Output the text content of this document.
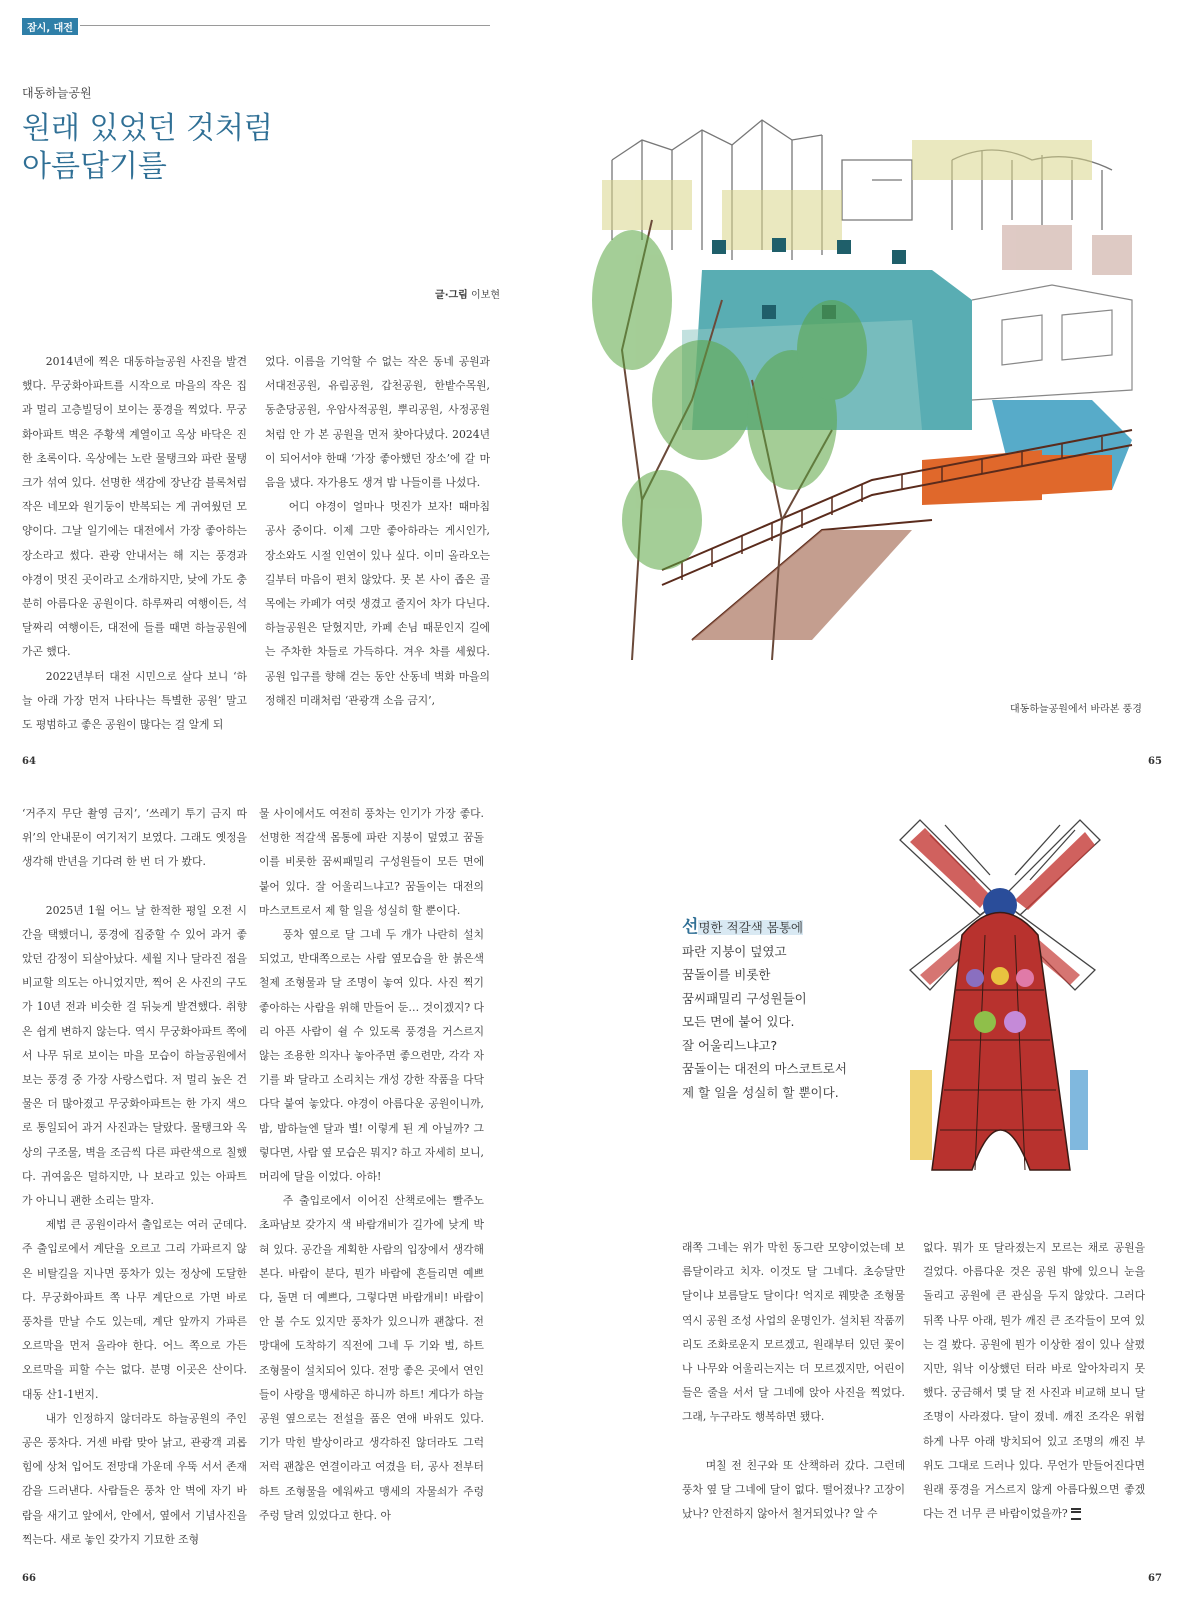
잠시, 대전
대동하늘공원
원래 있었던 것처럼
아름답기를
글·그림 이보현

2014년에 찍은 대동하늘공원 사진을 발견했다. 무궁화아파트를 시작으로 마을의 작은 집과 멀리 고층빌딩이 보이는 풍경을 찍었다. 무궁화아파트 벽은 주황색 계열이고 옥상 바닥은 진한 초록이다. 옥상에는 노란 물탱크와 파란 물탱크가 섞여 있다. 선명한 색감에 장난감 블록처럼 작은 네모와 원기둥이 반복되는 게 귀여웠던 모양이다. 그날 일기에는 대전에서 가장 좋아하는 장소라고 썼다. 관광 안내서는 해 지는 풍경과 야경이 멋진 곳이라고 소개하지만, 낮에 가도 충분히 아름다운 공원이다. 하루짜리 여행이든, 석 달짜리 여행이든, 대전에 들를 때면 하늘공원에 가곤 했다.

2022년부터 대전 시민으로 살다 보니 ‘하늘 아래 가장 먼저 나타나는 특별한 공원’ 말고도 평범하고 좋은 공원이 많다는 걸 알게 되

었다. 이름을 기억할 수 없는 작은 동네 공원과 서대전공원, 유림공원, 갑천공원, 한밭수목원, 동춘당공원, 우암사적공원, 뿌리공원, 사정공원처럼 안 가 본 공원을 먼저 찾아다녔다. 2024년이 되어서야 한때 ‘가장 좋아했던 장소’에 갈 마음을 냈다. 자가용도 생겨 밤 나들이를 나섰다.

어디 야경이 얼마나 멋진가 보자! 때마침 공사 중이다. 이제 그만 좋아하라는 게시인가, 장소와도 시절 인연이 있나 싶다. 이미 올라오는 길부터 마음이 편치 않았다. 못 본 사이 좁은 골목에는 카페가 여럿 생겼고 줄지어 차가 다닌다. 하늘공원은 닫혔지만, 카페 손님 때문인지 길에는 주차한 차들로 가득하다. 겨우 차를 세웠다. 공원 입구를 향해 걷는 동안 산동네 벽화 마을의 정해진 미래처럼 ‘관광객 소음 금지’,

64
대동하늘공원에서 바라본 풍경
65

‘거주지 무단 촬영 금지’, ‘쓰레기 투기 금지 따위’의 안내문이 여기저기 보였다. 그래도 옛정을 생각해 반년을 기다려 한 번 더 가 봤다.

2025년 1월 어느 날 한적한 평일 오전 시간을 택했더니, 풍경에 집중할 수 있어 과거 좋았던 감정이 되살아났다. 세월 지나 달라진 점을 비교할 의도는 아니었지만, 찍어 온 사진의 구도가 10년 전과 비슷한 걸 뒤늦게 발견했다. 취향은 쉽게 변하지 않는다. 역시 무궁화아파트 쪽에서 나무 뒤로 보이는 마을 모습이 하늘공원에서 보는 풍경 중 가장 사랑스럽다. 저 멀리 높은 건물은 더 많아졌고 무궁화아파트는 한 가지 색으로 통일되어 과거 사진과는 달랐다. 물탱크와 옥상의 구조물, 벽을 조금씩 다른 파란색으로 칠했다. 귀여움은 덜하지만, 나 보라고 있는 아파트가 아니니 괜한 소리는 말자.

제법 큰 공원이라서 출입로는 여러 군데다. 주 출입로에서 계단을 오르고 그리 가파르지 않은 비탈길을 지나면 풍차가 있는 정상에 도달한다. 무궁화아파트 쪽 나무 계단으로 가면 바로 풍차를 만날 수도 있는데, 계단 앞까지 가파른 오르막을 먼저 올라야 한다. 어느 쪽으로 가든 오르막을 피할 수는 없다. 분명 이곳은 산이다. 대동 산1-1번지.

내가 인정하지 않더라도 하늘공원의 주인공은 풍차다. 거센 바람 맞아 낡고, 관광객 괴롭힘에 상처 입어도 전망대 가운데 우뚝 서서 존재감을 드러낸다. 사람들은 풍차 안 벽에 자기 바람을 새기고 앞에서, 안에서, 옆에서 기념사진을 찍는다. 새로 놓인 갖가지 기묘한 조형

물 사이에서도 여전히 풍차는 인기가 가장 좋다. 선명한 적갈색 몸통에 파란 지붕이 덮였고 꿈돌이를 비롯한 꿈씨패밀리 구성원들이 모든 면에 붙어 있다. 잘 어울리느냐고? 꿈돌이는 대전의 마스코트로서 제 할 일을 성실히 할 뿐이다.

풍차 옆으로 달 그네 두 개가 나란히 설치되었고, 반대쪽으로는 사람 옆모습을 한 붉은색 철제 조형물과 달 조명이 놓여 있다. 사진 찍기 좋아하는 사람을 위해 만들어 둔… 것이겠지? 다리 아픈 사람이 쉴 수 있도록 풍경을 거스르지 않는 조용한 의자나 놓아주면 좋으련만, 각각 자기를 봐 달라고 소리치는 개성 강한 작품을 다닥다닥 붙여 놓았다. 야경이 아름다운 공원이니까, 밤, 밤하늘엔 달과 별! 이렇게 된 게 아닐까? 그렇다면, 사람 옆 모습은 뭐지? 하고 자세히 보니, 머리에 달을 이었다. 아하!

주 출입로에서 이어진 산책로에는 빨주노초파남보 갖가지 색 바람개비가 길가에 낮게 박혀 있다. 공간을 계획한 사람의 입장에서 생각해 본다. 바람이 분다, 뭔가 바람에 흔들리면 예쁘다, 돌면 더 예쁘다, 그렇다면 바람개비! 바람이 안 불 수도 있지만 풍차가 있으니까 괜찮다. 전망대에 도착하기 직전에 그네 두 기와 벌, 하트 조형물이 설치되어 있다. 전망 좋은 곳에서 연인들이 사랑을 맹세하곤 하니까 하트! 게다가 하늘공원 옆으로는 전설을 품은 연애 바위도 있다. 기가 막힌 발상이라고 생각하진 않더라도 그럭저럭 괜찮은 연결이라고 여겼을 터, 공사 전부터 하트 조형물을 에워싸고 맹세의 자물쇠가 주렁주렁 달려 있었다고 한다. 아

66
선명한 적갈색 몸통에
파란 지붕이 덮였고
꿈돌이를 비롯한
꿈씨패밀리 구성원들이
모든 면에 붙어 있다.
잘 어울리느냐고?
꿈돌이는 대전의 마스코트로서
제 할 일을 성실히 할 뿐이다.

래쪽 그네는 위가 막힌 동그란 모양이었는데 보름달이라고 치자. 이것도 달 그네다. 초승달만 달이냐 보름달도 달이다! 억지로 꿰맞춘 조형물 역시 공원 조성 사업의 운명인가. 설치된 작품끼리도 조화로운지 모르겠고, 원래부터 있던 꽃이나 나무와 어울리는지는 더 모르겠지만, 어린이들은 줄을 서서 달 그네에 앉아 사진을 찍었다. 그래, 누구라도 행복하면 됐다.

며칠 전 친구와 또 산책하러 갔다. 그런데 풍차 옆 달 그네에 달이 없다. 떨어졌나? 고장이 났나? 안전하지 않아서 철거되었나? 알 수

없다. 뭐가 또 달라졌는지 모르는 채로 공원을 걸었다. 아름다운 것은 공원 밖에 있으니 눈을 돌리고 공원에 큰 관심을 두지 않았다. 그러다 뒤쪽 나무 아래, 뭔가 깨진 큰 조각들이 모여 있는 걸 봤다. 공원에 뭔가 이상한 점이 있나 살폈지만, 워낙 이상했던 터라 바로 알아차리지 못했다. 궁금해서 몇 달 전 사진과 비교해 보니 달조명이 사라졌다. 달이 졌네. 깨진 조각은 위험하게 나무 아래 방치되어 있고 조명의 깨진 부위도 그대로 드러나 있다. 무언가 만들어진다면 원래 풍경을 거스르지 않게 아름다웠으면 좋겠다는 건 너무 큰 바람이었을까?

67
